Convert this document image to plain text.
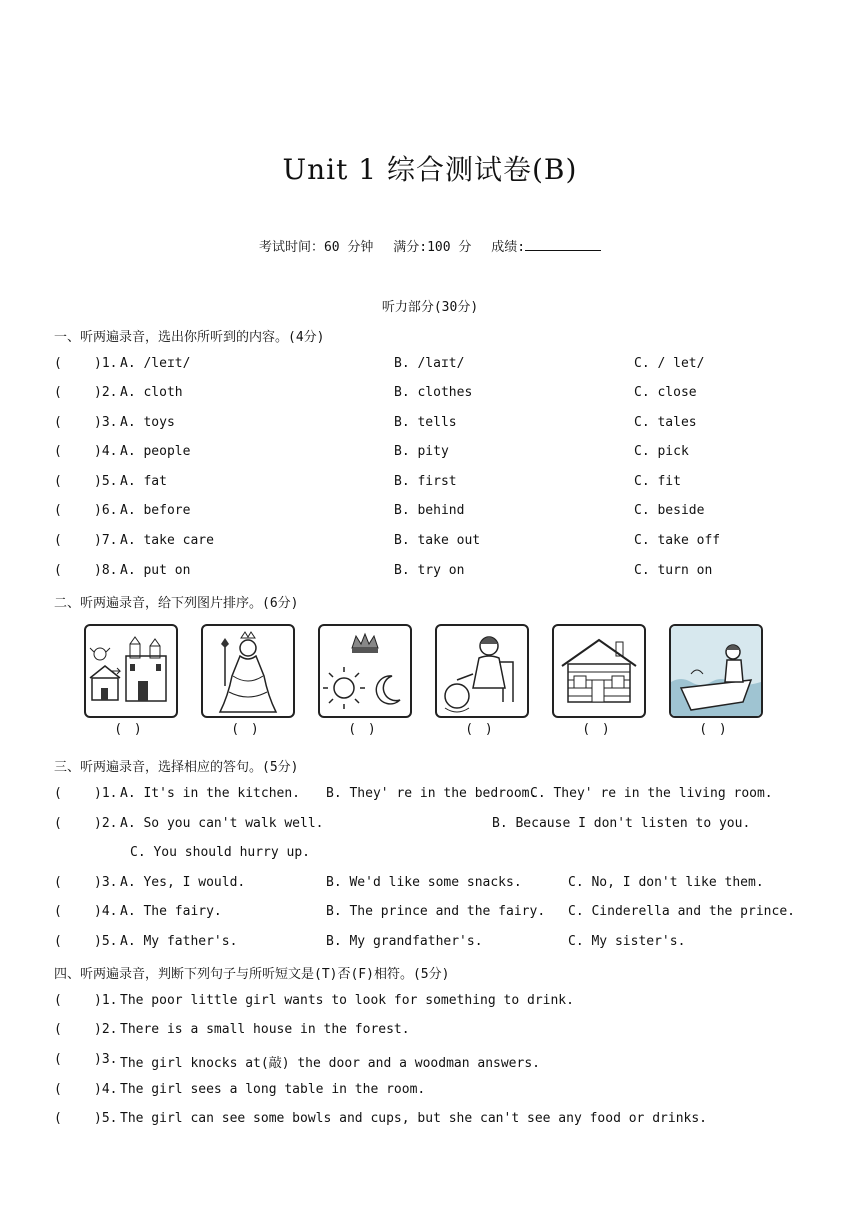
Unit 1 综合测试卷(B)
考试时间：60 分钟 满分:100 分 成绩:
听力部分(30分)
一、听两遍录音，选出你所听到的内容。(4分)
( )1. A. /leɪt/	B. /laɪt/	C. / let/
( )2. A. cloth	B. clothes	C. close
( )3. A. toys	B. tells	C. tales
( )4. A. people	B. pity	C. pick
( )5. A. fat	B. first	C. fit
( )6. A. before	B. behind	C. beside
( )7. A. take care	B. take out	C. take off
( )8. A. put on	B. try on	C. turn on
二、听两遍录音，给下列图片排序。(6分)
( )	( )	( )	( )	( )	( )
三、听两遍录音，选择相应的答句。(5分)
( )1. A. It's in the kitchen. B. They' re in the bedroom.
C. They' re in the living room.
( )2. A. So you can't walk well.	B. Because I don't listen to you.
C. You should hurry up.
( )3. A. Yes, I would.	B. We'd like some snacks.	C. No, I don't like them.
( )4. A. The fairy.	B. The prince and the fairy. C. Cinderella and the prince.
( )5. A. My father's.	B. My grandfather's.	C. My sister's.
四、听两遍录音，判断下列句子与所听短文是(T)否(F)相符。(5分)
( )1. The poor little girl wants to look for something to drink.
( )2. There is a small house in the forest.
( )3. The girl knocks at(敲) the door and a woodman answers.
( )4. The girl sees a long table in the room.
( )5. The girl can see some bowls and cups, but she can't see any food or drinks.
